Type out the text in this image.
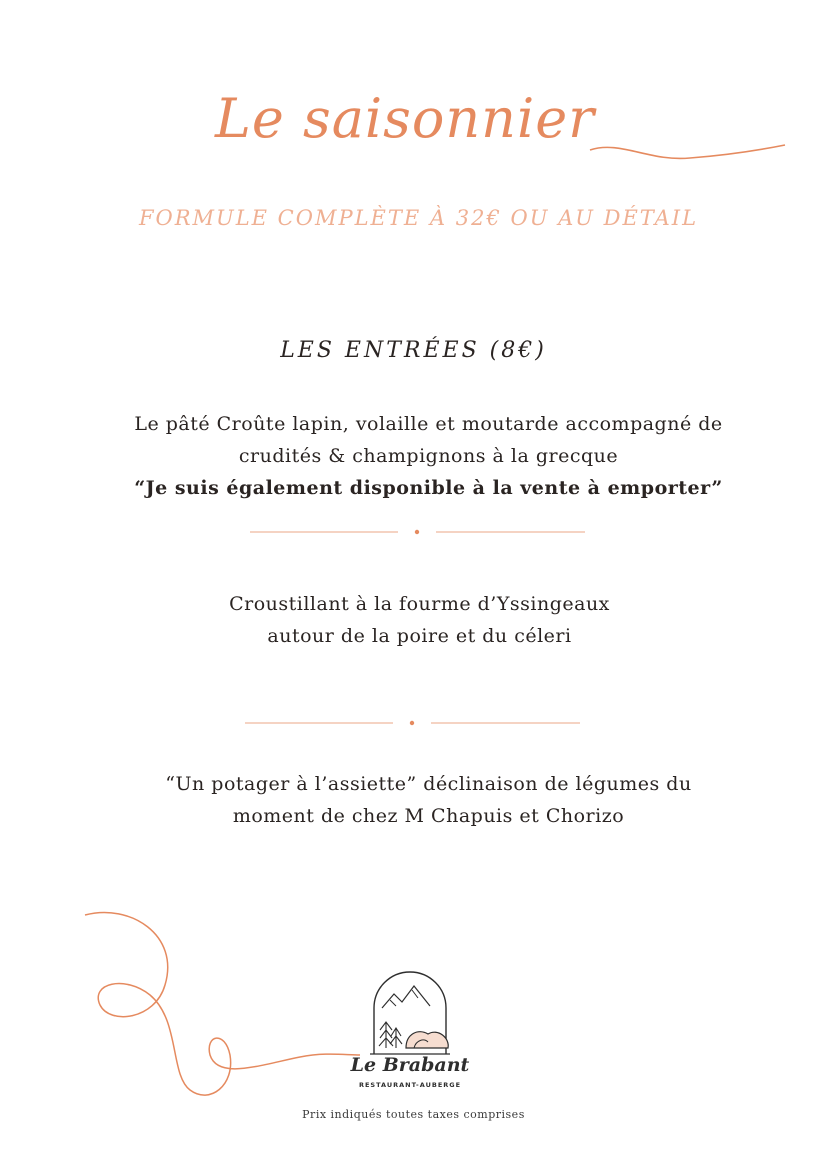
Le saisonnier
FORMULE COMPLÈTE À 32€ OU AU DÉTAIL
LES ENTRÉES (8€)

Le pâté Croûte lapin, volaille et moutarde accompagné de

crudités & champignons à la grecque

“Je suis également disponible à la vente à emporter”

Croustillant à la fourme d’Yssingeaux

autour de la poire et du céleri

“Un potager à l’assiette” déclinaison de légumes du

moment de chez M Chapuis et Chorizo

Le Brabant

RESTAURANT-AUBERGE

Prix indiqués toutes taxes comprises
